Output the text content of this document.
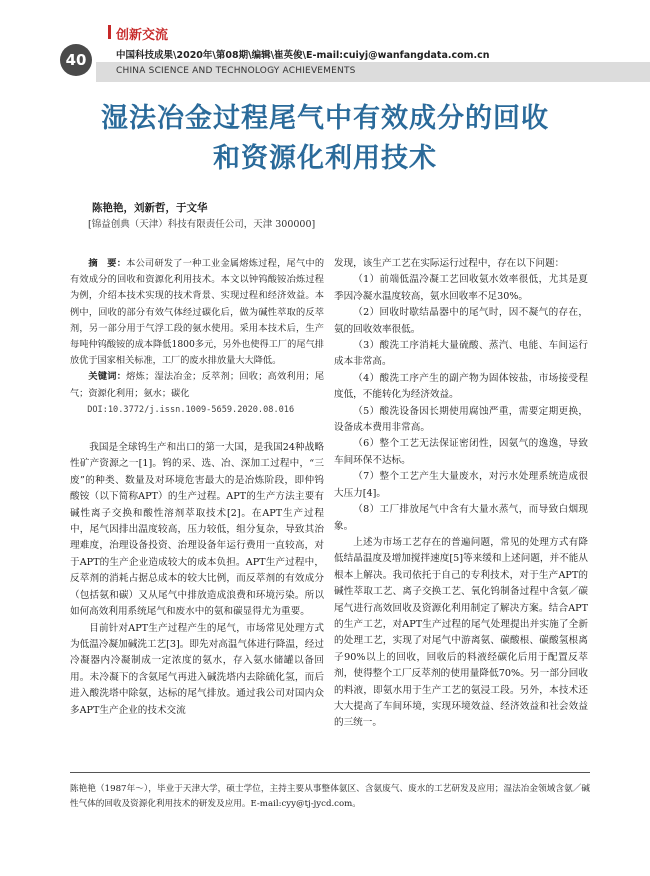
40
创新交流
中国科技成果\2020年\第08期\编辑\崔英俊\E-mail:cuiyj@wanfangdata.com.cn
CHINA SCIENCE AND TECHNOLOGY ACHIEVEMENTS
湿法冶金过程尾气中有效成分的回收
和资源化利用技术
陈艳艳，刘新哲，于文华
[锦益创典（天津）科技有限责任公司，天津 300000]

摘　要：本公司研发了一种工业金属熔炼过程，尾气中的有效成分的回收和资源化利用技术。本文以钟钨酸铵冶炼过程为例，介绍本技术实现的技术背景、实现过程和经济效益。本例中，回收的部分有效气体经过碳化后，做为碱性萃取的反萃剂，另一部分用于气浮工段的氨水使用。采用本技术后，生产每吨仲钨酸铵的成本降低1800多元，另外也使得工厂的尾气排放优于国家相关标准，工厂的废水排放量大大降低。

关键词：熔炼；湿法冶金；反萃剂；回收；高效利用；尾气；资源化利用；氨水；碳化

DOI:10.3772/j.issn.1009-5659.2020.08.016

我国是全球钨生产和出口的第一大国，是我国24种战略性矿产资源之一[1]。钨的采、选、冶、深加工过程中，“三废”的种类、数量及对环境危害最大的是冶炼阶段，即仲钨酸铵（以下简称APT）的生产过程。APT的生产方法主要有碱性离子交换和酸性溶剂萃取技术[2]。在APT生产过程中，尾气因排出温度较高，压力较低，组分复杂，导致其治理难度，治理设备投资、治理设备年运行费用一直较高，对于APT的生产企业造成较大的成本负担。APT生产过程中，反萃剂的消耗占据总成本的较大比例，而反萃剂的有效成分（包括氨和碳）又从尾气中排放造成浪费和环境污染。所以如何高效利用系统尾气和废水中的氨和碳显得尤为重要。

目前针对APT生产过程产生的尾气，市场常见处理方式为低温冷凝加碱洗工艺[3]。即先对高温气体进行降温，经过冷凝器内冷凝制成一定浓度的氨水，存入氨水储罐以备回用。未冷凝下的含氨尾气再进入碱洗塔内去除硫化氢，而后进入酸洗塔中除氨，达标的尾气排放。通过我公司对国内众多APT生产企业的技术交流

发现，该生产工艺在实际运行过程中，存在以下问题：

（1）前端低温冷凝工艺回收氨水效率很低，尤其是夏季因冷凝水温度较高，氨水回收率不足30%。

（2）回收时歇结晶器中的尾气时，因不凝气的存在，氨的回收效率很低。

（3）酸洗工序消耗大量硫酸、蒸汽、电能、车间运行成本非常高。

（4）酸洗工序产生的副产物为固体铵盐，市场接受程度低，不能转化为经济效益。

（5）酸洗设备因长期使用腐蚀严重，需要定期更换，设备成本费用非常高。

（6）整个工艺无法保证密闭性，因氨气的逸逸，导致车间环保不达标。

（7）整个工艺产生大量废水，对污水处理系统造成很大压力[4]。

（8）工厂排放尾气中含有大量水蒸气，而导致白烟现象。

上述为市场工艺存在的普遍问题，常见的处理方式有降低结晶温度及增加搅拌速度[5]等来缓和上述问题，并不能从根本上解决。我司依托于自己的专利技术，对于生产APT的碱性萃取工艺、离子交换工艺、氧化钨制备过程中含氨／碳尾气进行高效回收及资源化利用制定了解决方案。结合APT的生产工艺，对APT生产过程的尾气处理提出并实施了全新的处理工艺，实现了对尾气中游离氨、碳酸根、碳酸氢根离子90%以上的回收，回收后的料液经碳化后用于配置反萃剂，使得整个工厂反萃剂的使用量降低70%。另一部分回收的料液，即氨水用于生产工艺的氨浸工段。另外，本技术还大大提高了车间环境，实现环境效益、经济效益和社会效益的三统一。

陈艳艳（1987年～），毕业于天津大学，硕士学位，主持主要从事整体氨区、含氨废气、废水的工艺研发及应用；湿法冶金领域含氨／碱性气体的回收及资源化利用技术的研发及应用。E-mail:cyy@tj-jycd.com。
